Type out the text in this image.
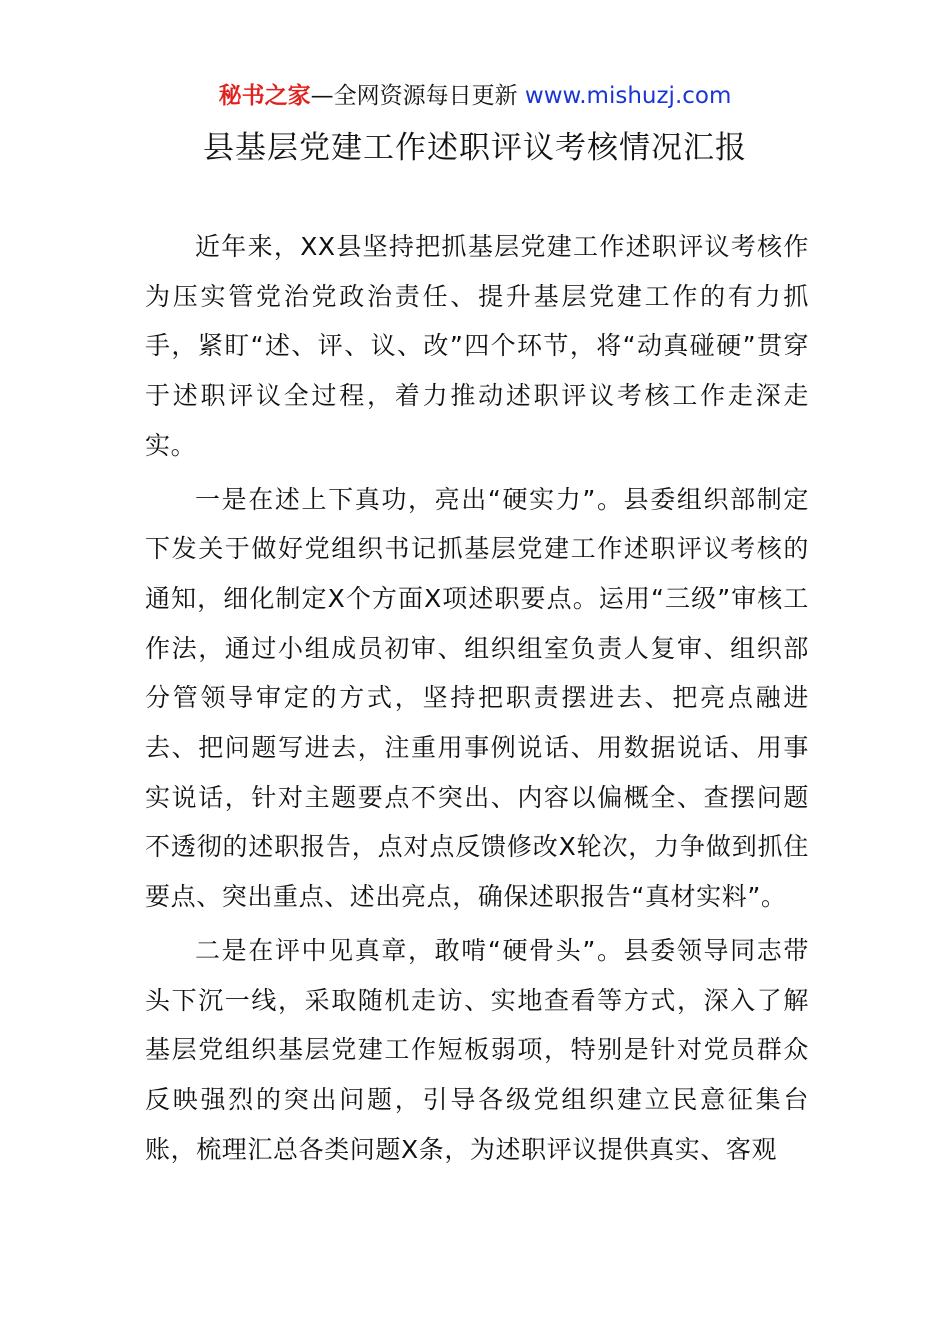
秘书之家—全网资源每日更新 www.mishuzj.com
县基层党建工作述职评议考核情况汇报

近年来，XX县坚持把抓基层党建工作述职评议考核作为压实管党治党政治责任、提升基层党建工作的有力抓手，紧盯“述、评、议、改”四个环节，将“动真碰硬”贯穿于述职评议全过程，着力推动述职评议考核工作走深走实。

一是在述上下真功，亮出“硬实力”。县委组织部制定下发关于做好党组织书记抓基层党建工作述职评议考核的通知，细化制定X个方面X项述职要点。运用“三级”审核工作法，通过小组成员初审、组织组室负责人复审、组织部分管领导审定的方式，坚持把职责摆进去、把亮点融进去、把问题写进去，注重用事例说话、用数据说话、用事实说话，针对主题要点不突出、内容以偏概全、查摆问题不透彻的述职报告，点对点反馈修改X轮次，力争做到抓住要点、突出重点、述出亮点，确保述职报告“真材实料”。

二是在评中见真章，敢啃“硬骨头”。县委领导同志带头下沉一线，采取随机走访、实地查看等方式，深入了解基层党组织基层党建工作短板弱项，特别是针对党员群众反映强烈的突出问题，引导各级党组织建立民意征集台账，梳理汇总各类问题X条，为述职评议提供真实、客观
